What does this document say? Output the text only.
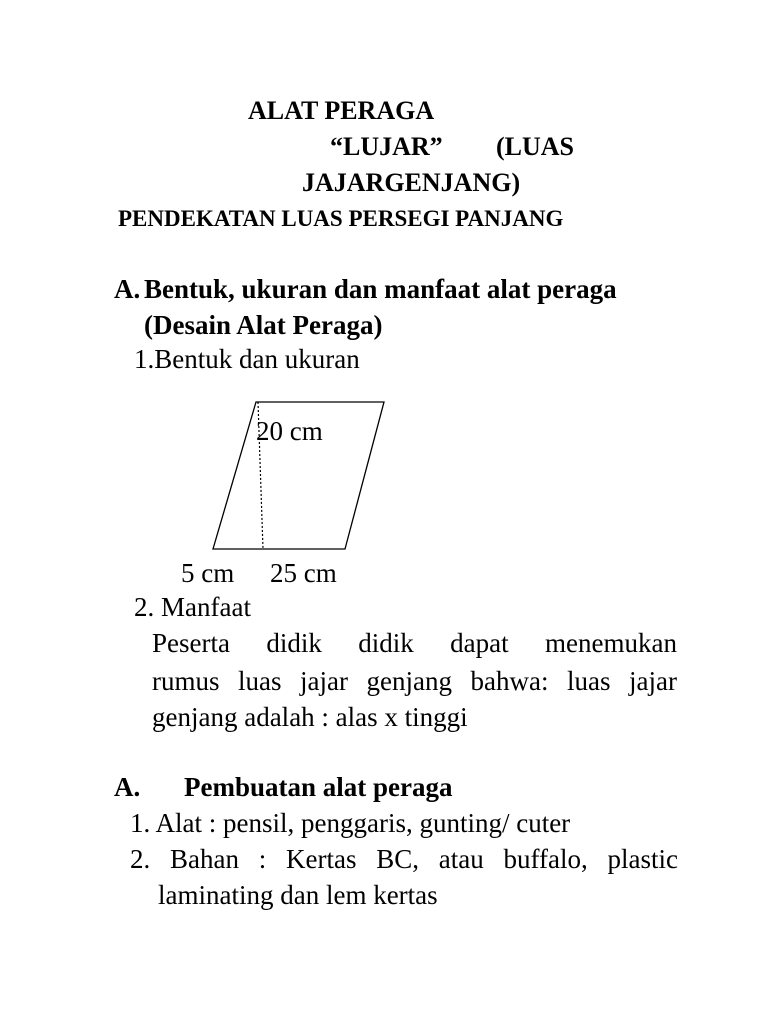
ALAT PERAGA
“LUJAR” (LUAS
JAJARGENJANG)
PENDEKATAN LUAS PERSEGI PANJANG
A. Bentuk, ukuran dan manfaat alat peraga
(Desain Alat Peraga)
1.Bentuk dan ukuran
20 cm
5 cm 25 cm
2. Manfaat
Peserta didik didik dapat menemukan
rumus luas jajar genjang bahwa: luas jajar
genjang adalah : alas x tinggi
A. Pembuatan alat peraga
1. Alat : pensil, penggaris, gunting/ cuter
2. Bahan : Kertas BC, atau buffalo, plastic
laminating dan lem kertas
